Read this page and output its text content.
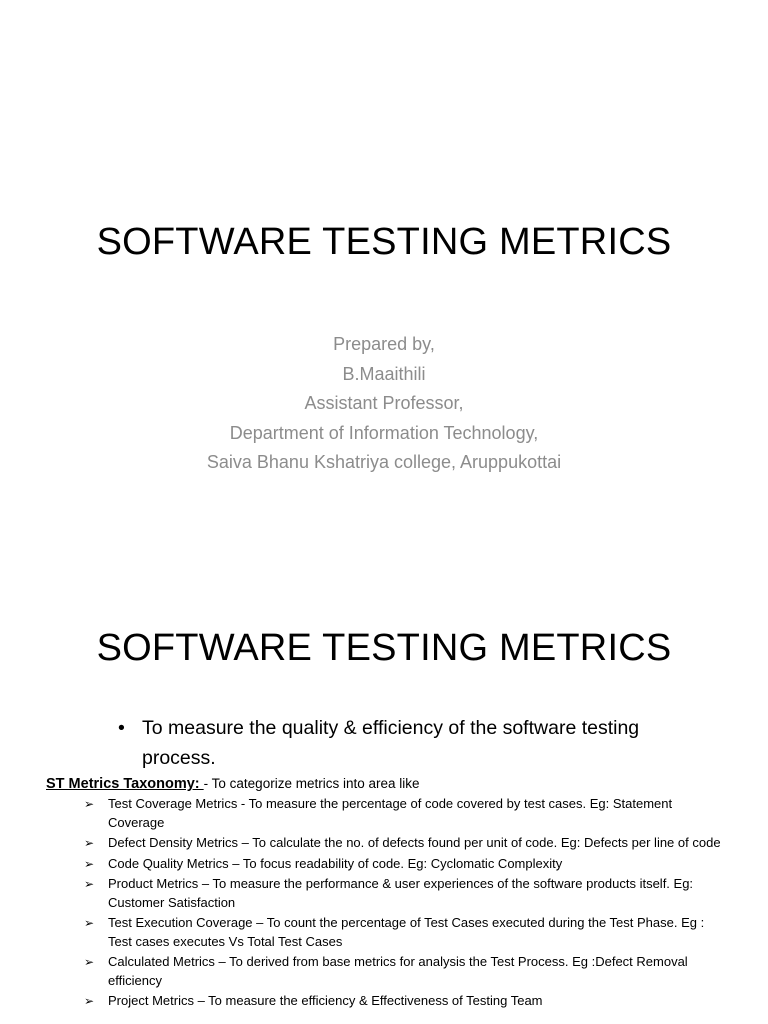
SOFTWARE TESTING METRICS
Prepared by,
B.Maaithili
Assistant Professor,
Department of Information Technology,
Saiva Bhanu Kshatriya college, Aruppukottai
SOFTWARE TESTING METRICS
• To measure the quality & efficiency of the software testing process.
ST Metrics Taxonomy: - To categorize metrics into area like
➢ Test Coverage Metrics - To measure the percentage of code covered by test cases. Eg: Statement Coverage
➢ Defect Density Metrics – To calculate the no. of defects found per unit of code. Eg: Defects per line of code
➢ Code Quality Metrics – To focus readability of code. Eg: Cyclomatic Complexity
➢ Product Metrics – To measure the performance & user experiences of the software products itself. Eg: Customer Satisfaction
➢ Test Execution Coverage – To count the percentage of Test Cases executed during the Test Phase. Eg : Test cases executes Vs Total Test Cases
➢ Calculated Metrics – To derived from base metrics for analysis the Test Process. Eg :Defect Removal efficiency
➢ Project Metrics – To measure the efficiency & Effectiveness of Testing Team
